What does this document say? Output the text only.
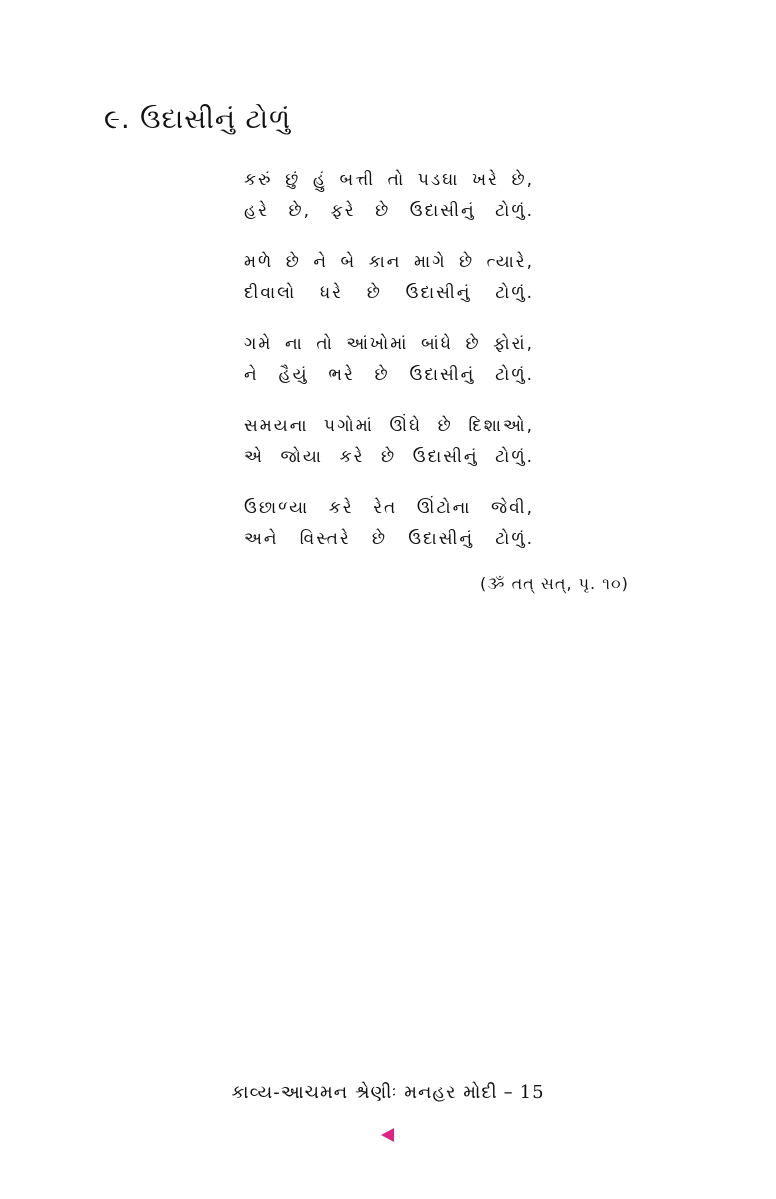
૯. ઉદાસીનું ટોળું
કરું છું હું બત્તી તો પડઘા ખરે છે,
હરે છે, ફરે છે ઉદાસીનું ટોળું.
મળે છે ને બે કાન માગે છે ત્યારે,
દીવાલો ધરે છે ઉદાસીનું ટોળું.
ગમે ના તો આંખોમાં બાંધે છે ફોરાં,
ને હૈયું ભરે છે ઉદાસીનું ટોળું.
સમયના પગોમાં ઊંઘે છે દિશાઓ,
એ જોયા કરે છે ઉદાસીનું ટોળું.
ઉછાળ્યા કરે રેત ઊંટોના જેવી,
અને વિસ્તરે છે ઉદાસીનું ટોળું.
(ૐ તત્ સત્, પૃ. ૧૦)
કાવ્ય-આચમન શ્રેણીઃ મનહર મોદી – 15
